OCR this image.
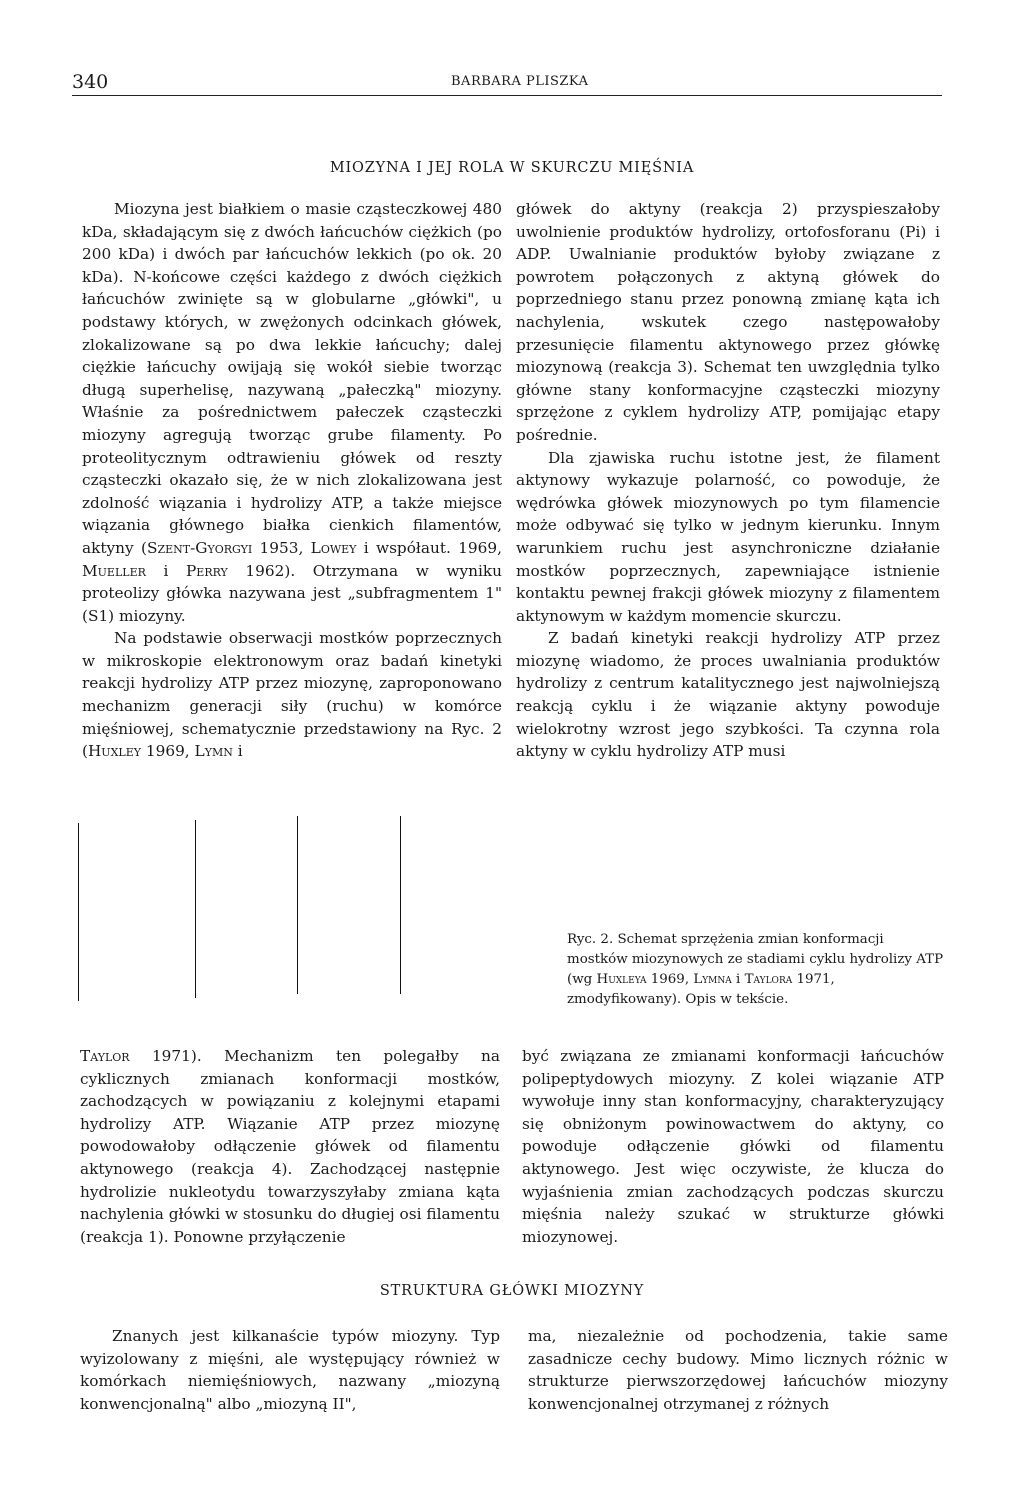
340	BARBARA PLISZKA
MIOZYNA I JEJ ROLA W SKURCZU MIĘŚNIA

Miozyna jest białkiem o masie cząsteczkowej 480 kDa, składającym się z dwóch łańcuchów ciężkich (po 200 kDa) i dwóch par łańcuchów lekkich (po ok. 20 kDa). N-końcowe części każdego z dwóch ciężkich łańcuchów zwinięte są w globularne „główki", u podstawy których, w zwężonych odcinkach główek, zlokalizowane są po dwa lekkie łańcuchy; dalej ciężkie łańcuchy owijają się wokół siebie tworząc długą superhelisę, nazywaną „pałeczką" miozyny. Właśnie za pośrednictwem pałeczek cząsteczki miozyny agregują tworząc grube filamenty. Po proteolitycznym odtrawieniu główek od reszty cząsteczki okazało się, że w nich zlokalizowana jest zdolność wiązania i hydrolizy ATP, a także miejsce wiązania głównego białka cienkich filamentów, aktyny (Szent-Gyorgyi 1953, Lowey i współaut. 1969, Mueller i Perry 1962). Otrzymana w wyniku proteolizy główka nazywana jest „subfragmentem 1" (S1) miozyny.

Na podstawie obserwacji mostków poprzecznych w mikroskopie elektronowym oraz badań kinetyki reakcji hydrolizy ATP przez miozynę, zaproponowano mechanizm generacji siły (ruchu) w komórce mięśniowej, schematycznie przedstawiony na Ryc. 2 (Huxley 1969, Lymn i

główek do aktyny (reakcja 2) przyspieszałoby uwolnienie produktów hydrolizy, ortofosforanu (Pi) i ADP. Uwalnianie produktów byłoby związane z powrotem połączonych z aktyną główek do poprzedniego stanu przez ponowną zmianę kąta ich nachylenia, wskutek czego następowałoby przesunięcie filamentu aktynowego przez główkę miozynową (reakcja 3). Schemat ten uwzględnia tylko główne stany konformacyjne cząsteczki miozyny sprzężone z cyklem hydrolizy ATP, pomijając etapy pośrednie.

Dla zjawiska ruchu istotne jest, że filament aktynowy wykazuje polarność, co powoduje, że wędrówka główek miozynowych po tym filamencie może odbywać się tylko w jednym kierunku. Innym warunkiem ruchu jest asynchroniczne działanie mostków poprzecznych, zapewniające istnienie kontaktu pewnej frakcji główek miozyny z filamentem aktynowym w każdym momencie skurczu.

Z badań kinetyki reakcji hydrolizy ATP przez miozynę wiadomo, że proces uwalniania produktów hydrolizy z centrum katalitycznego jest najwolniejszą reakcją cyklu i że wiązanie aktyny powoduje wielokrotny wzrost jego szybkości. Ta czynna rola aktyny w cyklu hydrolizy ATP musi

Ryc. 2. Schemat sprzężenia zmian konformacji mostków miozynowych ze stadiami cyklu hydrolizy ATP (wg Huxleya 1969, Lymna i Taylora 1971, zmodyfikowany). Opis w tekście.

Taylor 1971). Mechanizm ten polegałby na cyklicznych zmianach konformacji mostków, zachodzących w powiązaniu z kolejnymi etapami hydrolizy ATP. Wiązanie ATP przez miozynę powodowałoby odłączenie główek od filamentu aktynowego (reakcja 4). Zachodzącej następnie hydrolizie nukleotydu towarzyszyłaby zmiana kąta nachylenia główki w stosunku do długiej osi filamentu (reakcja 1). Ponowne przyłączenie

być związana ze zmianami konformacji łańcuchów polipeptydowych miozyny. Z kolei wiązanie ATP wywołuje inny stan konformacyjny, charakteryzujący się obniżonym powinowactwem do aktyny, co powoduje odłączenie główki od filamentu aktynowego. Jest więc oczywiste, że klucza do wyjaśnienia zmian zachodzących podczas skurczu mięśnia należy szukać w strukturze główki miozynowej.

STRUKTURA GŁÓWKI MIOZYNY

Znanych jest kilkanaście typów miozyny. Typ wyizolowany z mięśni, ale występujący również w komórkach niemięśniowych, nazwany „miozyną konwencjonalną" albo „miozyną II",

ma, niezależnie od pochodzenia, takie same zasadnicze cechy budowy. Mimo licznych różnic w strukturze pierwszorzędowej łańcuchów miozyny konwencjonalnej otrzymanej z różnych
